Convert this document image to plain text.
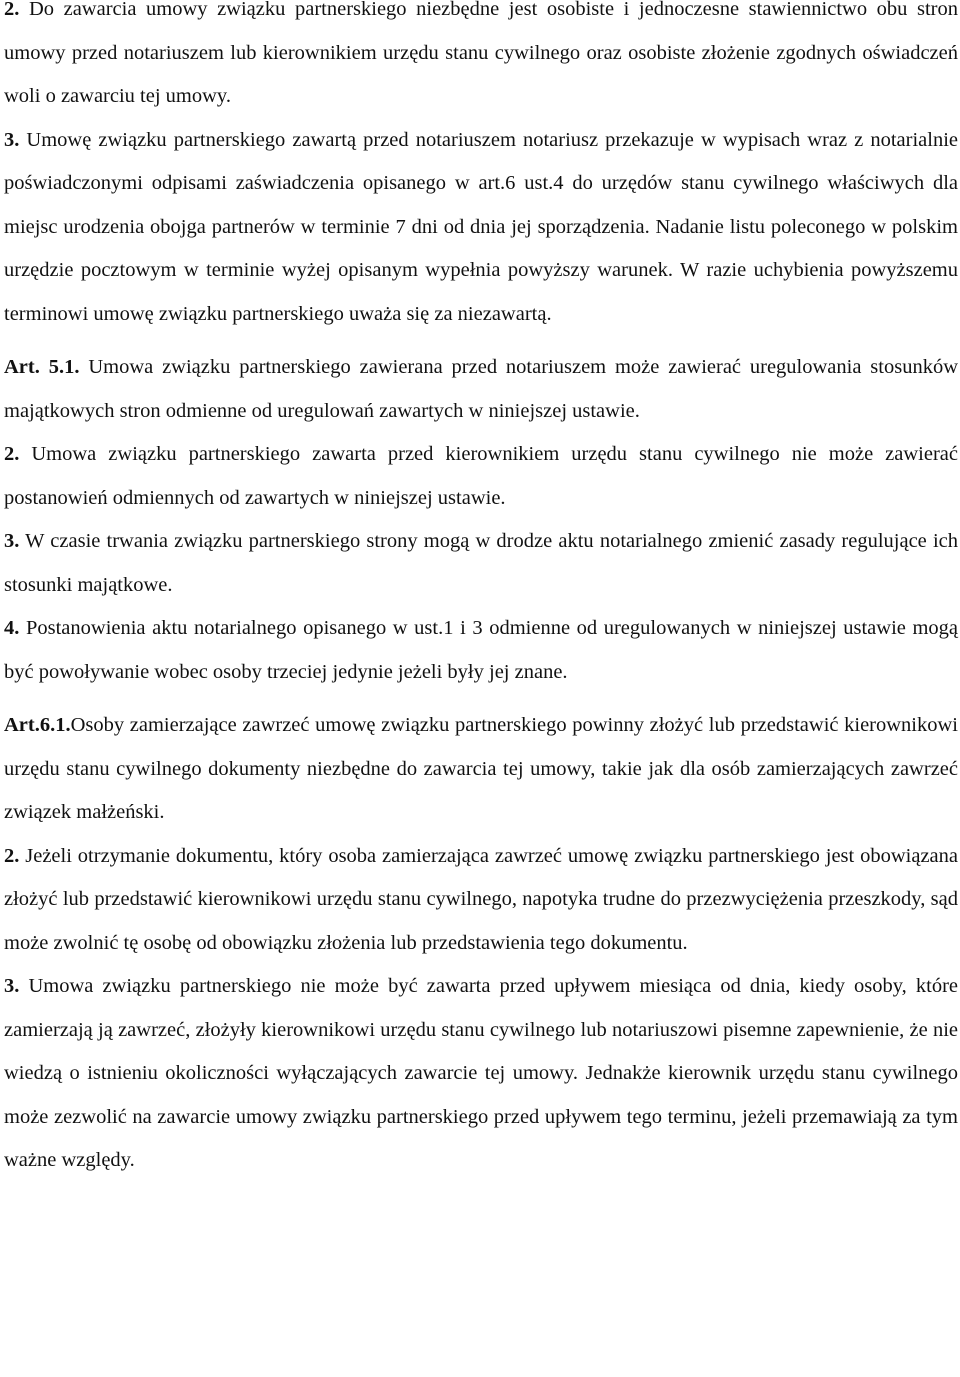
2. Do zawarcia umowy związku partnerskiego niezbędne jest osobiste i jednoczesne stawiennictwo obu stron umowy przed notariuszem lub kierownikiem urzędu stanu cywilnego oraz osobiste złożenie zgodnych oświadczeń woli o zawarciu tej umowy.

3. Umowę związku partnerskiego zawartą przed notariuszem notariusz przekazuje w wypisach wraz z notarialnie poświadczonymi odpisami zaświadczenia opisanego w art.6 ust.4 do urzędów stanu cywilnego właściwych dla miejsc urodzenia obojga partnerów w terminie 7 dni od dnia jej sporządzenia. Nadanie listu poleconego w polskim urzędzie pocztowym w terminie wyżej opisanym wypełnia powyższy warunek. W razie uchybienia powyższemu terminowi umowę związku partnerskiego uważa się za niezawartą.

Art. 5.1. Umowa związku partnerskiego zawierana przed notariuszem może zawierać uregulowania stosunków majątkowych stron odmienne od uregulowań zawartych w niniejszej ustawie.

2. Umowa związku partnerskiego zawarta przed kierownikiem urzędu stanu cywilnego nie może zawierać postanowień odmiennych od zawartych w niniejszej ustawie.

3. W czasie trwania związku partnerskiego strony mogą w drodze aktu notarialnego zmienić zasady regulujące ich stosunki majątkowe.

4. Postanowienia aktu notarialnego opisanego w ust.1 i 3 odmienne od uregulowanych w niniejszej ustawie mogą być powoływanie wobec osoby trzeciej jedynie jeżeli były jej znane.

Art.6.1.Osoby zamierzające zawrzeć umowę związku partnerskiego powinny złożyć lub przedstawić kierownikowi urzędu stanu cywilnego dokumenty niezbędne do zawarcia tej umowy, takie jak dla osób zamierzających zawrzeć związek małżeński.

2. Jeżeli otrzymanie dokumentu, który osoba zamierzająca zawrzeć umowę związku partnerskiego jest obowiązana złożyć lub przedstawić kierownikowi urzędu stanu cywilnego, napotyka trudne do przezwyciężenia przeszkody, sąd może zwolnić tę osobę od obowiązku złożenia lub przedstawienia tego dokumentu.

3. Umowa związku partnerskiego nie może być zawarta przed upływem miesiąca od dnia, kiedy osoby, które zamierzają ją zawrzeć, złożyły kierownikowi urzędu stanu cywilnego lub notariuszowi pisemne zapewnienie, że nie wiedzą o istnieniu okoliczności wyłączających zawarcie tej umowy. Jednakże kierownik urzędu stanu cywilnego może zezwolić na zawarcie umowy związku partnerskiego przed upływem tego terminu, jeżeli przemawiają za tym ważne względy.
